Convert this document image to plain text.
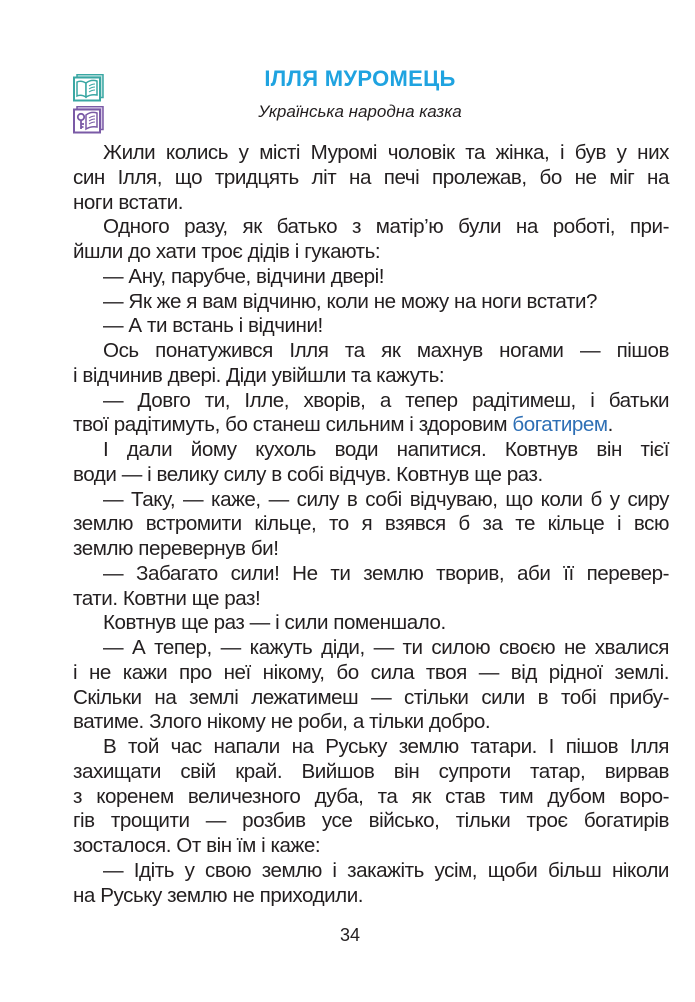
ІЛЛЯ МУРОМЕЦЬ
Українська народна казка
Жили колись у місті Муромі чоловік та жінка, і був у них
син Ілля, що тридцять літ на печі пролежав, бо не міг на
ноги встати.
Одного разу, як батько з матір’ю були на роботі, при-
йшли до хати троє дідів і гукають:
— Ану, парубче, відчини двері!
— Як же я вам відчиню, коли не можу на ноги встати?
— А ти встань і відчини!
Ось понатужився Ілля та як махнув ногами — пішов
і відчинив двері. Діди увійшли та кажуть:
— Довго ти, Ілле, хворів, а тепер радітимеш, і батьки
твої радітимуть, бо станеш сильним і здоровим богатирем.
І дали йому кухоль води напитися. Ковтнув він тієї
води — і велику силу в собі відчув. Ковтнув ще раз.
— Таку, — каже, — силу в собі відчуваю, що коли б у сиру
землю встромити кільце, то я взявся б за те кільце і всю
землю перевернув би!
— Забагато сили! Не ти землю творив, аби її перевер-
тати. Ковтни ще раз!
Ковтнув ще раз — і сили поменшало.
— А тепер, — кажуть діди, — ти силою своєю не хвалися
і не кажи про неї нікому, бо сила твоя — від рідної землі.
Скільки на землі лежатимеш — стільки сили в тобі прибу-
ватиме. Злого нікому не роби, а тільки добро.
В той час напали на Руську землю татари. І пішов Ілля
захищати свій край. Вийшов він супроти татар, вирвав
з коренем величезного дуба, та як став тим дубом воро-
гів трощити — розбив усе військо, тільки троє богатирів
зосталося. От він їм і каже:
— Ідіть у свою землю і закажіть усім, щоби більш ніколи
на Руську землю не приходили.
34
